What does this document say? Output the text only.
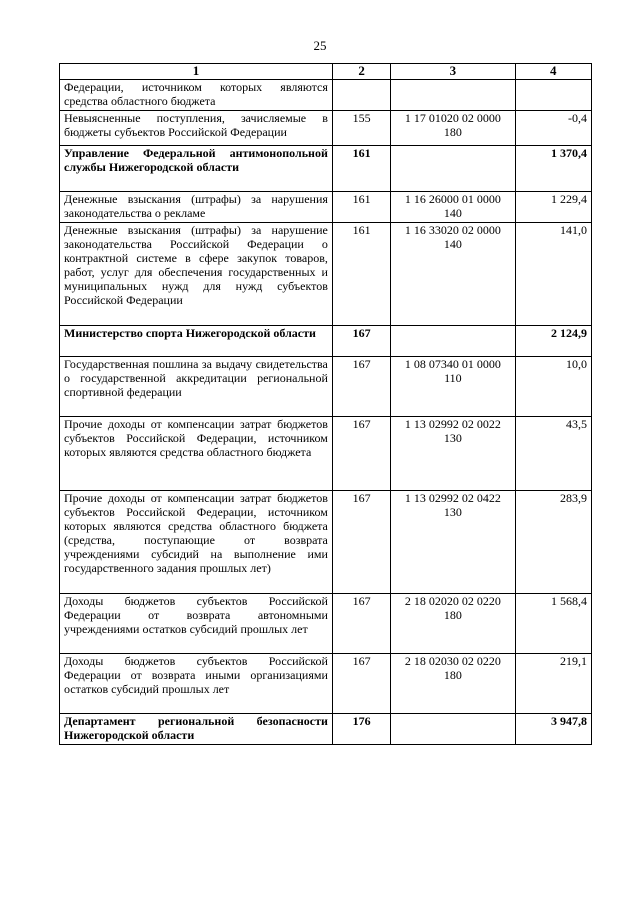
25
1	2	3	4
Федерации, источником которых являются средства областного бюджета			
Невыясненные поступления, зачисляемые в бюджеты субъектов Российской Федерации	155	1 17 01020 02 0000 180	-0,4
Управление Федеральной антимонопольной службы Нижегородской области	161		1 370,4
Денежные взыскания (штрафы) за нарушения законодательства о рекламе	161	1 16 26000 01 0000 140	1 229,4
Денежные взыскания (штрафы) за нарушение законодательства Российской Федерации о контрактной системе в сфере закупок товаров, работ, услуг для обеспечения государственных и муниципальных нужд для нужд субъектов Российской Федерации	161	1 16 33020 02 0000 140	141,0
Министерство спорта Нижегородской области	167		2 124,9
Государственная пошлина за выдачу свидетельства о государственной аккредитации региональной спортивной федерации	167	1 08 07340 01 0000 110	10,0
Прочие доходы от компенсации затрат бюджетов субъектов Российской Федерации, источником которых являются средства областного бюджета	167	1 13 02992 02 0022 130	43,5
Прочие доходы от компенсации затрат бюджетов субъектов Российской Федерации, источником которых являются средства областного бюджета (средства, поступающие от возврата учреждениями субсидий на выполнение ими государственного задания прошлых лет)	167	1 13 02992 02 0422 130	283,9
Доходы бюджетов субъектов Российской Федерации от возврата автономными учреждениями остатков субсидий прошлых лет	167	2 18 02020 02 0220 180	1 568,4
Доходы бюджетов субъектов Российской Федерации от возврата иными организациями остатков субсидий прошлых лет	167	2 18 02030 02 0220 180	219,1
Департамент региональной безопасности Нижегородской области	176		3 947,8
